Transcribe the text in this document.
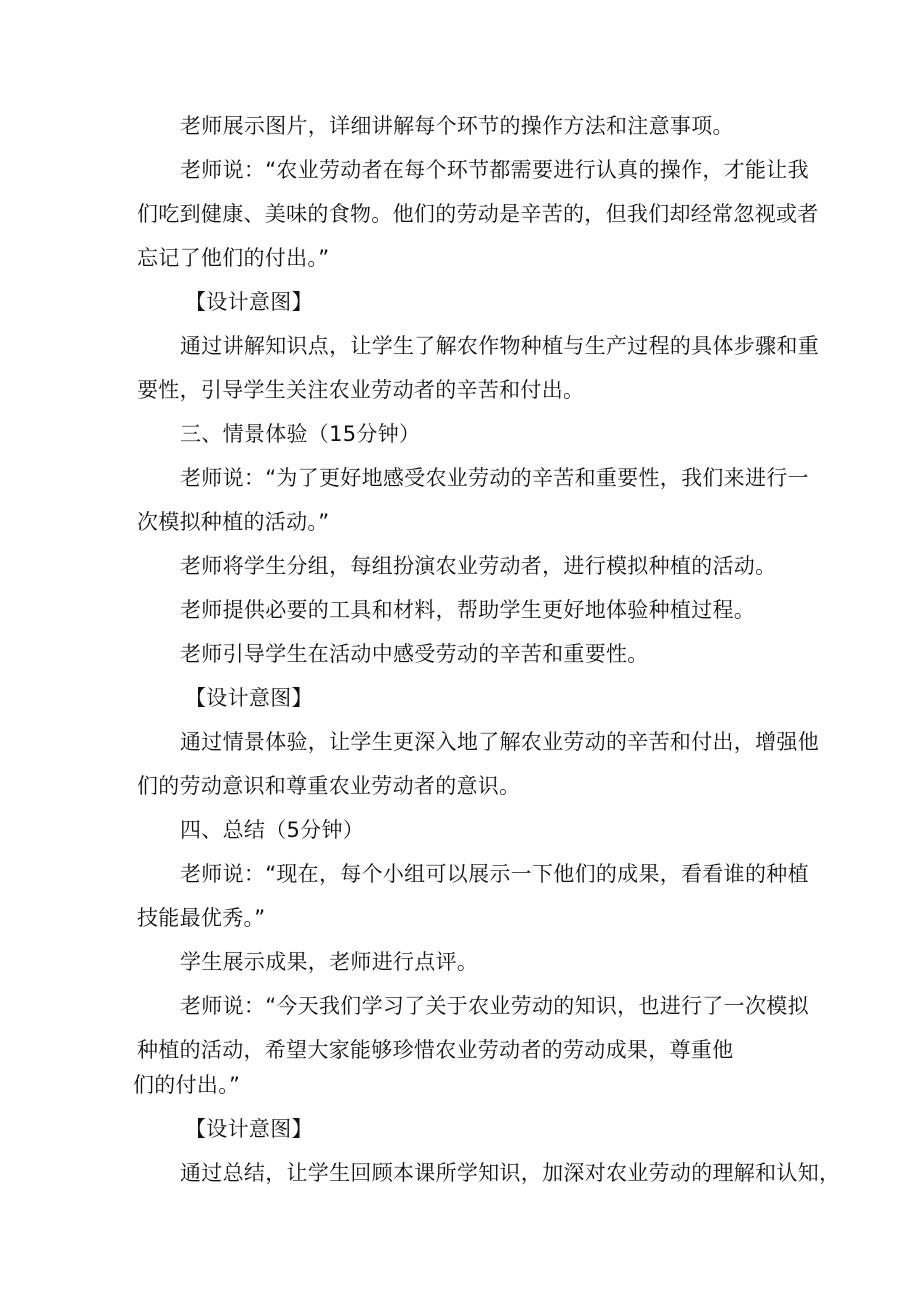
老师展示图片，详细讲解每个环节的操作方法和注意事项。
老师说：“农业劳动者在每个环节都需要进行认真的操作，才能让我
们吃到健康、美味的食物。他们的劳动是辛苦的，但我们却经常忽视或者
忘记了他们的付出。”
【设计意图】
通过讲解知识点，让学生了解农作物种植与生产过程的具体步骤和重
要性，引导学生关注农业劳动者的辛苦和付出。
三、情景体验（15分钟）
老师说：“为了更好地感受农业劳动的辛苦和重要性，我们来进行一
次模拟种植的活动。”
老师将学生分组，每组扮演农业劳动者，进行模拟种植的活动。
老师提供必要的工具和材料，帮助学生更好地体验种植过程。
老师引导学生在活动中感受劳动的辛苦和重要性。
【设计意图】
通过情景体验，让学生更深入地了解农业劳动的辛苦和付出，增强他
们的劳动意识和尊重农业劳动者的意识。
四、总结（5分钟）
老师说：“现在，每个小组可以展示一下他们的成果，看看谁的种植
技能最优秀。”
学生展示成果，老师进行点评。
老师说：“今天我们学习了关于农业劳动的知识，也进行了一次模拟
种植的活动，希望大家能够珍惜农业劳动者的劳动成果，尊重他
们的付出。”
【设计意图】
通过总结，让学生回顾本课所学知识，加深对农业劳动的理解和认知，
